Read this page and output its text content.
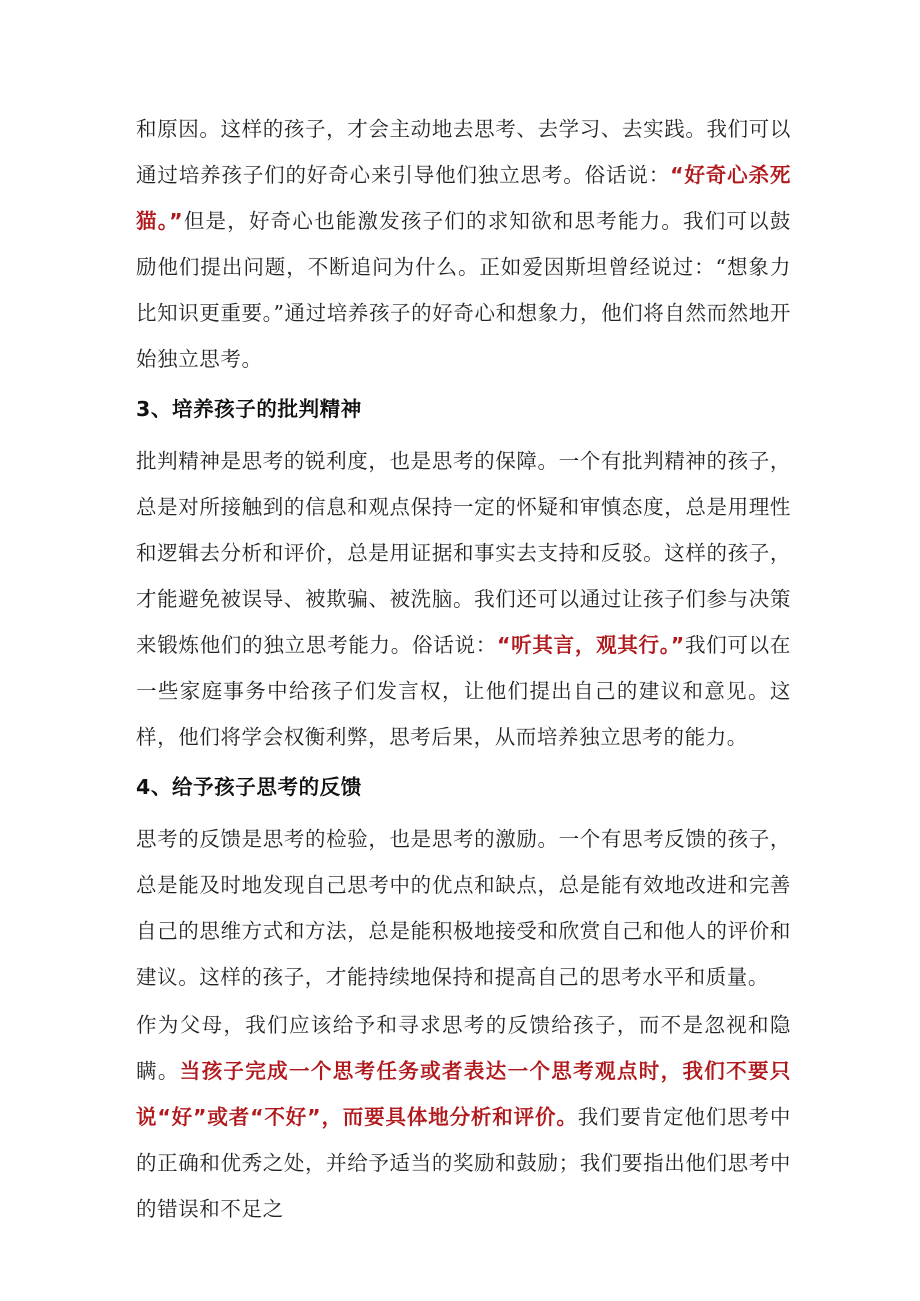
和原因。这样的孩子，才会主动地去思考、去学习、去实践。我们可以通过培养孩子们的好奇心来引导他们独立思考。俗话说：“好奇心杀死猫。”但是，好奇心也能激发孩子们的求知欲和思考能力。我们可以鼓励他们提出问题，不断追问为什么。正如爱因斯坦曾经说过：“想象力比知识更重要。”通过培养孩子的好奇心和想象力，他们将自然而然地开始独立思考。

3、培养孩子的批判精神

批判精神是思考的锐利度，也是思考的保障。一个有批判精神的孩子，总是对所接触到的信息和观点保持一定的怀疑和审慎态度，总是用理性和逻辑去分析和评价，总是用证据和事实去支持和反驳。这样的孩子，才能避免被误导、被欺骗、被洗脑。我们还可以通过让孩子们参与决策来锻炼他们的独立思考能力。俗话说：“听其言，观其行。”我们可以在一些家庭事务中给孩子们发言权，让他们提出自己的建议和意见。这样，他们将学会权衡利弊，思考后果，从而培养独立思考的能力。

4、给予孩子思考的反馈

思考的反馈是思考的检验，也是思考的激励。一个有思考反馈的孩子，总是能及时地发现自己思考中的优点和缺点，总是能有效地改进和完善自己的思维方式和方法，总是能积极地接受和欣赏自己和他人的评价和建议。这样的孩子，才能持续地保持和提高自己的思考水平和质量。

作为父母，我们应该给予和寻求思考的反馈给孩子，而不是忽视和隐瞒。当孩子完成一个思考任务或者表达一个思考观点时，我们不要只说“好”或者“不好”，而要具体地分析和评价。我们要肯定他们思考中的正确和优秀之处，并给予适当的奖励和鼓励；我们要指出他们思考中的错误和不足之
